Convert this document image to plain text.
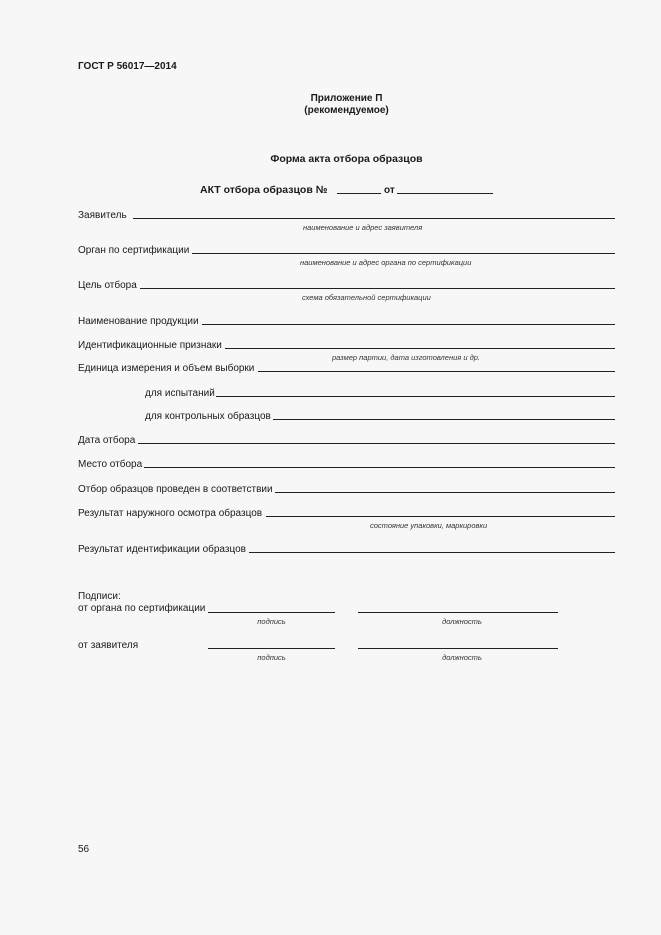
ГОСТ Р 56017—2014
Приложение П
(рекомендуемое)
Форма акта отбора образцов
АКТ отбора образцов №	от
Заявитель
наименование и адрес заявителя
Орган по сертификации
наименование и адрес органа по сертификации
Цель отбора
схема обязательной сертификации
Наименование продукции
Идентификационные признаки
размер партии, дата изготовления и др.
Единица измерения и объем выборки
для испытаний
для контрольных образцов
Дата отбора
Место отбора
Отбор образцов проведен в соответствии
Результат наружного осмотра образцов
состояние упаковки, маркировки
Результат идентификации образцов
Подписи:
от органа по сертификации
подпись	должность
от заявителя
подпись	должность
56
